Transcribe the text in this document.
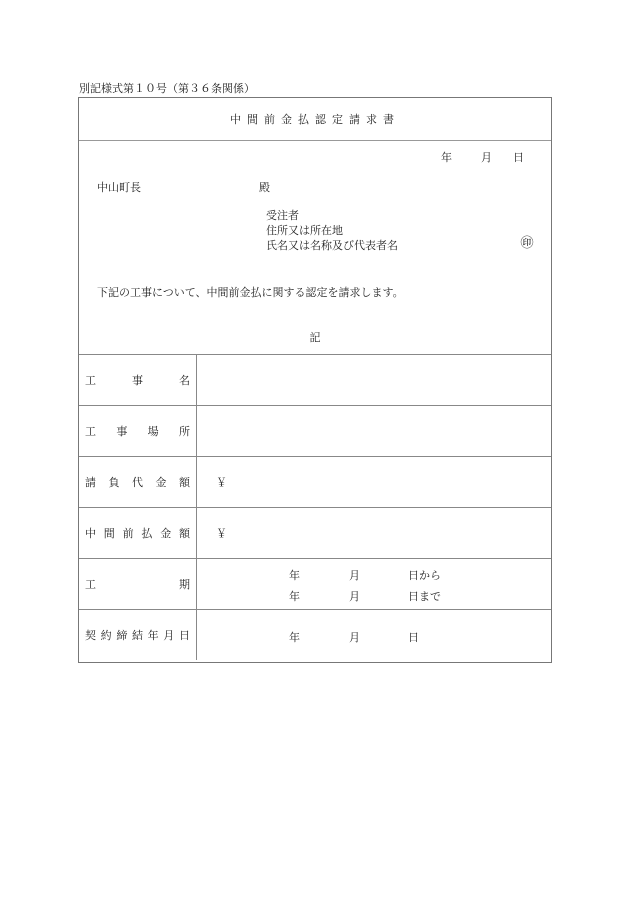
別記様式第１０号（第３６条関係）
中間前金払認定請求書
年	月	日
中山町長	殿
受注者
住所又は所在地
氏名又は名称及び代表者名	㊞
下記の工事について、中間前金払に関する認定を請求します。
記
工	事	名
工 事 場 所
請 負 代 金 額 ￥
中 間 前 払 金 額 ￥
工	期
年	月	日から
年	月	日まで
契 約 締 結 年 月 日	年	月	日
